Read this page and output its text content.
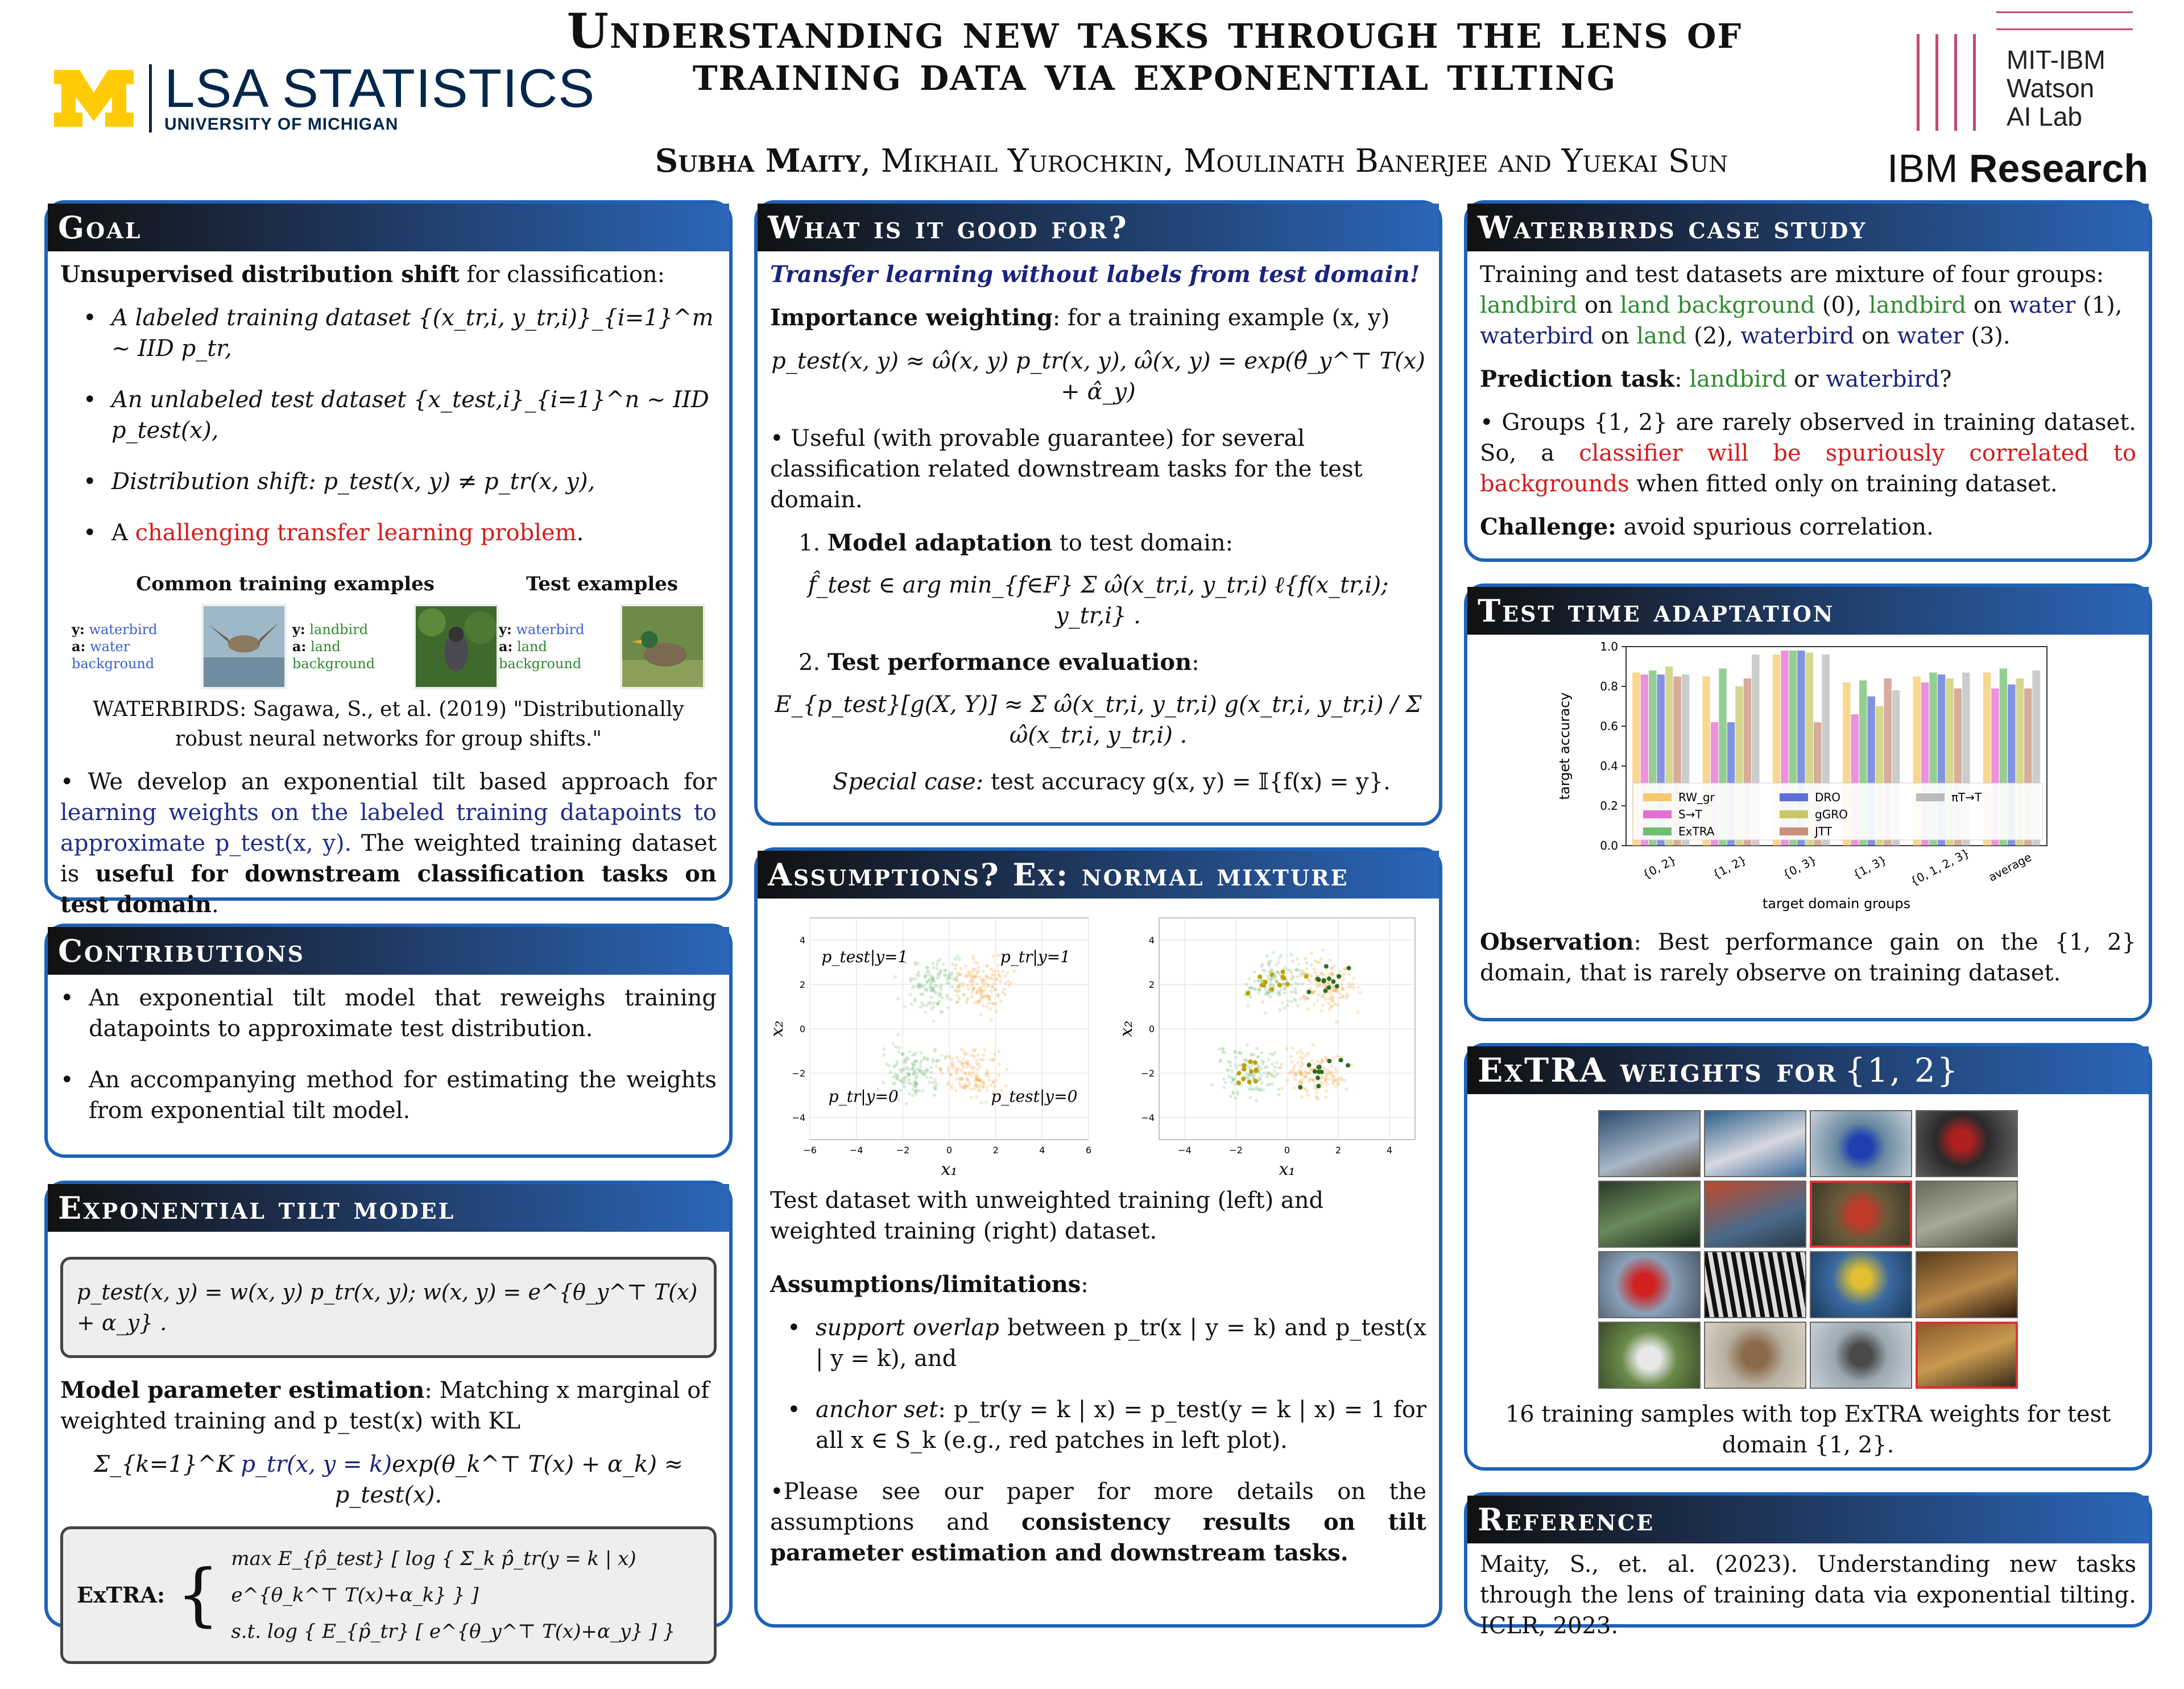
LSA STATISTICS
UNIVERSITY OF MICHIGAN
Understanding new tasks through the lens of training data via exponential tilting
Subha Maity, Mikhail Yurochkin, Moulinath Banerjee and Yuekai Sun
MIT-IBM
Watson
AI Lab
IBM Research
Goal

Unsupervised distribution shift for classification:

• A labeled training dataset {(x_tr,i, y_tr,i)}_{i=1}^m ~ IID p_tr,
• An unlabeled test dataset {x_test,i}_{i=1}^n ~ IID p_test(x),
• Distribution shift: p_test(x, y) ≠ p_tr(x, y),
• A challenging transfer learning problem.
Common training examples
y: waterbird
a: water background
y: landbird
a: land background
Test examples
y: waterbird
a: land background
WATERBIRDS: Sagawa, S., et al. (2019) "Distributionally robust neural networks for group shifts."

• We develop an exponential tilt based approach for learning weights on the labeled training datapoints to approximate p_test(x, y). The weighted training dataset is useful for downstream classification tasks on test domain.

Contributions
• An exponential tilt model that reweighs training datapoints to approximate test distribution.
• An accompanying method for estimating the weights from exponential tilt model.
Exponential tilt model
p_test(x, y) = w(x, y) p_tr(x, y); w(x, y) = e^{θ_y^⊤ T(x) + α_y} .

Model parameter estimation: Matching x marginal of weighted training and p_test(x) with KL

Σ_{k=1}^K p_tr(x, y = k)exp(θ_k^⊤ T(x) + α_k) ≈ p_test(x).
ExTRA: { max E_{p̂_test} [ log { Σ_k p̂_tr(y = k | x) e^{θ_k^⊤ T(x)+α_k} } ]
s.t. log { E_{p̂_tr} [ e^{θ_y^⊤ T(x)+α_y} ] }
What is it good for?

Transfer learning without labels from test domain!

Importance weighting: for a training example (x, y)

p_test(x, y) ≈ ω̂(x, y) p_tr(x, y), ω̂(x, y) = exp(θ̂_y^⊤ T(x) + α̂_y)

• Useful (with provable guarantee) for several classification related downstream tasks for the test domain.

1. Model adaptation to test domain:
f̂_test ∈ arg min_{f∈F} Σ ω̂(x_tr,i, y_tr,i) ℓ{f(x_tr,i); y_tr,i} .
2. Test performance evaluation:
E_{p_test}[g(X, Y)] ≈ Σ ω̂(x_tr,i, y_tr,i) g(x_tr,i, y_tr,i) / Σ ω̂(x_tr,i, y_tr,i) .

Special case: test accuracy g(x, y) = 𝕀{f(x) = y}.

Assumptions? Ex: normal mixture
−6	−4	−2	0	2	4	6
4
2
0
−2
−4
p_test|y=1	p_tr|y=1
p_tr|y=0	p_test|y=0
x₁
x₂
−4	−2	0	2	4
4
2
0
−2
−4
x₁
x₂

Test dataset with unweighted training (left) and weighted training (right) dataset.

Assumptions/limitations:

• support overlap between p_tr(x | y = k) and p_test(x | y = k), and
• anchor set: p_tr(y = k | x) = p_test(y = k | x) = 1 for all x ∈ S_k (e.g., red patches in left plot).

•Please see our paper for more details on the assumptions and consistency results on tilt parameter estimation and downstream tasks.

Waterbirds case study

Training and test datasets are mixture of four groups: landbird on land background (0), landbird on water (1), waterbird on land (2), waterbird on water (3).

Prediction task: landbird or waterbird?

• Groups {1, 2} are rarely observed in training dataset. So, a classifier will be spuriously correlated to backgrounds when fitted only on training dataset.

Challenge: avoid spurious correlation.

Test time adaptation
0.0
0.2
0.4
0.6
0.8
1.0
{0, 2}	{1, 2}	{0, 3}	{1, 3} {0, 1, 2, 3} average
target accuracy
target domain groups
RW_gr
S→T
ExTRA
DRO
gGRO
JTT
πT→T

Observation: Best performance gain on the {1, 2} domain, that is rarely observe on training dataset.

ExTRA weights for {1, 2}
16 training samples with top ExTRA weights for test domain {1, 2}.
Reference

Maity, S., et. al. (2023). Understanding new tasks through the lens of training data via exponential tilting. ICLR, 2023.
